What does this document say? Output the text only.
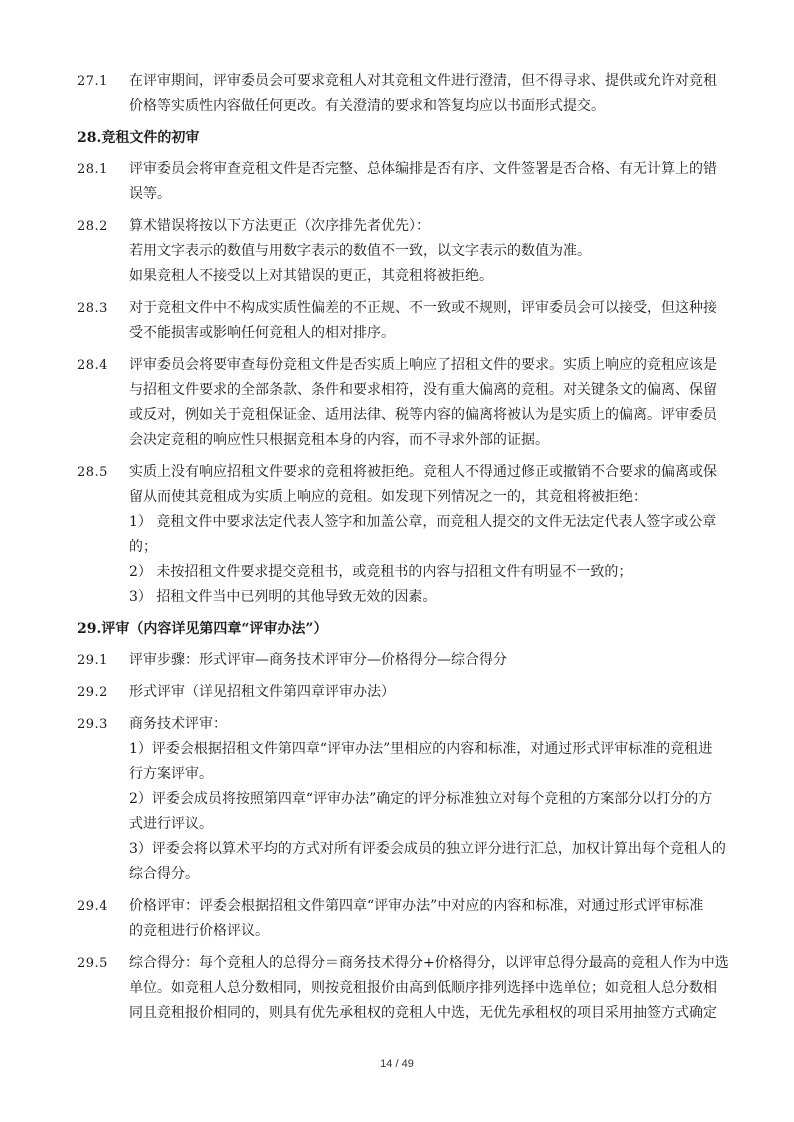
27.1	在评审期间，评审委员会可要求竞租人对其竞租文件进行澄清，但不得寻求、提供或允许对竞租
价格等实质性内容做任何更改。有关澄清的要求和答复均应以书面形式提交。
28.竞租文件的初审
28.1	评审委员会将审查竞租文件是否完整、总体编排是否有序、文件签署是否合格、有无计算上的错
误等。
28.2	算术错误将按以下方法更正（次序排先者优先）：
若用文字表示的数值与用数字表示的数值不一致，以文字表示的数值为准。
如果竞租人不接受以上对其错误的更正，其竞租将被拒绝。
28.3	对于竞租文件中不构成实质性偏差的不正规、不一致或不规则，评审委员会可以接受，但这种接
受不能损害或影响任何竞租人的相对排序。
28.4	评审委员会将要审查每份竞租文件是否实质上响应了招租文件的要求。实质上响应的竞租应该是
与招租文件要求的全部条款、条件和要求相符，没有重大偏离的竞租。对关键条文的偏离、保留
或反对，例如关于竞租保证金、适用法律、税等内容的偏离将被认为是实质上的偏离。评审委员
会决定竞租的响应性只根据竞租本身的内容，而不寻求外部的证据。
28.5	实质上没有响应招租文件要求的竞租将被拒绝。竞租人不得通过修正或撤销不合要求的偏离或保
留从而使其竞租成为实质上响应的竞租。如发现下列情况之一的，其竞租将被拒绝：
1） 竞租文件中要求法定代表人签字和加盖公章，而竞租人提交的文件无法定代表人签字或公章
的；
2） 未按招租文件要求提交竞租书，或竞租书的内容与招租文件有明显不一致的；
3） 招租文件当中已列明的其他导致无效的因素。
29.评审（内容详见第四章“评审办法”）
29.1	评审步骤：形式评审—商务技术评审分—价格得分—综合得分
29.2	形式评审（详见招租文件第四章评审办法）
29.3	商务技术评审：
1）评委会根据招租文件第四章“评审办法”里相应的内容和标准，对通过形式评审标准的竞租进
行方案评审。
2）评委会成员将按照第四章“评审办法”确定的评分标准独立对每个竞租的方案部分以打分的方
式进行评议。
3）评委会将以算术平均的方式对所有评委会成员的独立评分进行汇总，加权计算出每个竞租人的
综合得分。
29.4	价格评审：评委会根据招租文件第四章“评审办法”中对应的内容和标准，对通过形式评审标准
的竞租进行价格评议。
29.5	综合得分：每个竞租人的总得分＝商务技术得分+价格得分，以评审总得分最高的竞租人作为中选
单位。如竞租人总分数相同，则按竞租报价由高到低顺序排列选择中选单位；如竞租人总分数相
同且竞租报价相同的，则具有优先承租权的竞租人中选，无优先承租权的项目采用抽签方式确定
14 / 49
